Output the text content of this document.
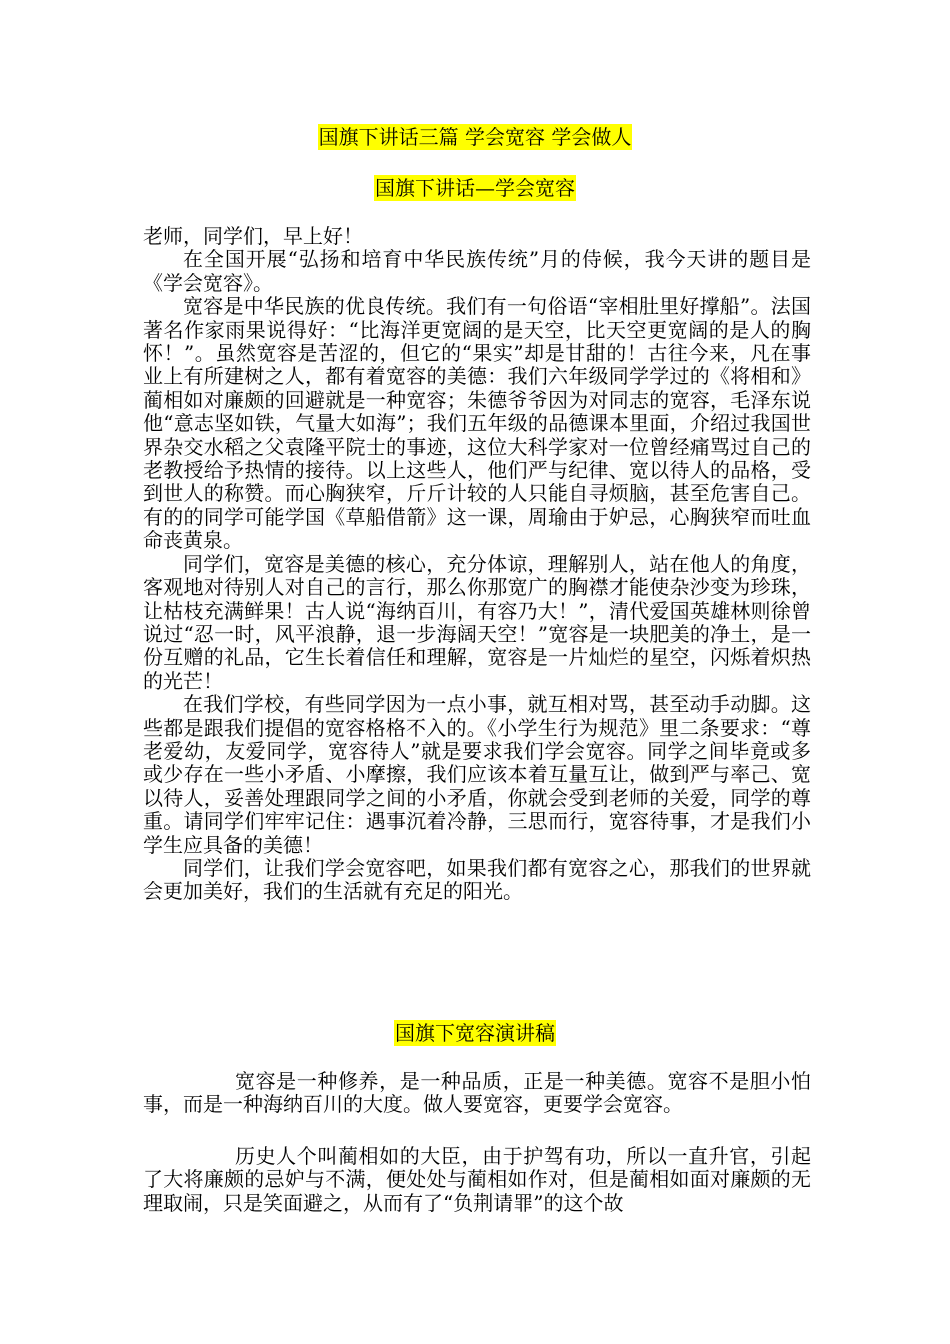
国旗下讲话三篇 学会宽容 学会做人
国旗下讲话—学会宽容

老师，同学们，早上好！

在全国开展“弘扬和培育中华民族传统”月的侍候，我今天讲的题目是《学会宽容》。

宽容是中华民族的优良传统。我们有一句俗语“宰相肚里好撑船”。法国著名作家雨果说得好：“比海洋更宽阔的是天空，比天空更宽阔的是人的胸怀！”。虽然宽容是苦涩的，但它的“果实”却是甘甜的！古往今来，凡在事业上有所建树之人，都有着宽容的美德：我们六年级同学学过的《将相和》蔺相如对廉颇的回避就是一种宽容；朱德爷爷因为对同志的宽容，毛泽东说他“意志坚如铁，气量大如海”；我们五年级的品德课本里面，介绍过我国世界杂交水稻之父袁隆平院士的事迹，这位大科学家对一位曾经痛骂过自己的老教授给予热情的接待。以上这些人，他们严与纪律、宽以待人的品格，受到世人的称赞。而心胸狭窄，斤斤计较的人只能自寻烦脑，甚至危害自己。有的的同学可能学国《草船借箭》这一课，周瑜由于妒忌，心胸狭窄而吐血命丧黄泉。

同学们，宽容是美德的核心，充分体谅，理解别人，站在他人的角度，客观地对待别人对自己的言行，那么你那宽广的胸襟才能使杂沙变为珍珠，让枯枝充满鲜果！古人说“海纳百川，有容乃大！”，清代爱国英雄林则徐曾说过“忍一时，风平浪静，退一步海阔天空！”宽容是一块肥美的净土，是一份互赠的礼品，它生长着信任和理解，宽容是一片灿烂的星空，闪烁着炽热的光芒！

在我们学校，有些同学因为一点小事，就互相对骂，甚至动手动脚。这些都是跟我们提倡的宽容格格不入的。《小学生行为规范》里二条要求：“尊老爱幼，友爱同学，宽容待人”就是要求我们学会宽容。同学之间毕竟或多或少存在一些小矛盾、小摩擦，我们应该本着互量互让，做到严与率己、宽以待人，妥善处理跟同学之间的小矛盾，你就会受到老师的关爱，同学的尊重。请同学们牢牢记住：遇事沉着冷静，三思而行，宽容待事，才是我们小学生应具备的美德！

同学们，让我们学会宽容吧，如果我们都有宽容之心，那我们的世界就会更加美好，我们的生活就有充足的阳光。

国旗下宽容演讲稿

宽容是一种修养，是一种品质，正是一种美德。宽容不是胆小怕事，而是一种海纳百川的大度。做人要宽容，更要学会宽容。

历史人个叫蔺相如的大臣，由于护驾有功，所以一直升官，引起了大将廉颇的忌妒与不满，便处处与蔺相如作对，但是蔺相如面对廉颇的无理取闹，只是笑面避之，从而有了“负荆请罪”的这个故
